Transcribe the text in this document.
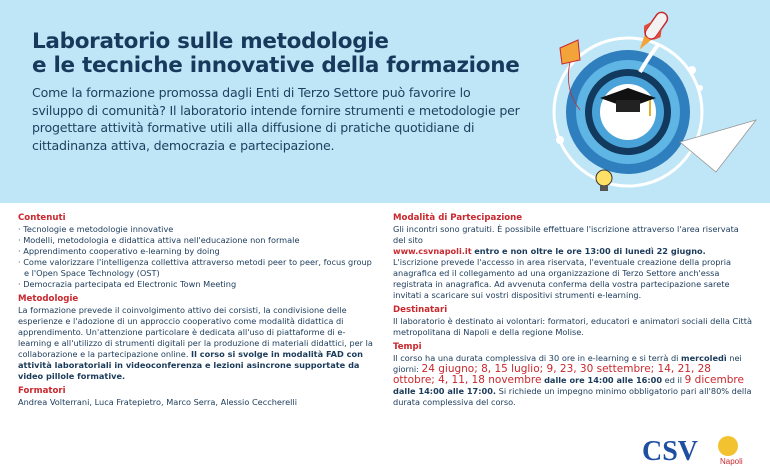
Laboratorio sulle metodologie
e le tecniche innovative della formazione

Come la formazione promossa dagli Enti di Terzo Settore può favorire lo sviluppo di comunità? Il laboratorio intende fornire strumenti e metodologie per progettare attività formative utili alla diffusione di pratiche quotidiane di cittadinanza attiva, democrazia e partecipazione.

Contenuti
· Tecnologie e metodologie innovative
· Modelli, metodologia e didattica attiva nell'educazione non formale
· Apprendimento cooperativo e-learning by doing
· Come valorizzare l'intelligenza collettiva attraverso metodi peer to peer, focus group e l'Open Space Technology (OST)
· Democrazia partecipata ed Electronic Town Meeting
Metodologie

La formazione prevede il coinvolgimento attivo dei corsisti, la condivisione delle esperienze e l'adozione di un approccio cooperativo come modalità didattica di apprendimento. Un'attenzione particolare è dedicata all'uso di piattaforme di e-learning e all'utilizzo di strumenti digitali per la produzione di materiali didattici, per la collaborazione e la partecipazione online. Il corso si svolge in modalità FAD con attività laboratoriali in videoconferenza e lezioni asincrone supportate da video pillole formative.

Formatori

Andrea Volterrani, Luca Fratepietro, Marco Serra, Alessio Ceccherelli

Modalità di Partecipazione

Gli incontri sono gratuiti. È possibile effettuare l'iscrizione attraverso l'area riservata del sito
www.csvnapoli.it entro e non oltre le ore 13:00 di lunedì 22 giugno.

L'iscrizione prevede l'accesso in area riservata, l'eventuale creazione della propria anagrafica ed il collegamento ad una organizzazione di Terzo Settore anch'essa registrata in anagrafica. Ad avvenuta conferma della vostra partecipazione sarete invitati a scaricare sui vostri dispositivi strumenti e-learning.

Destinatari

Il laboratorio è destinato ai volontari: formatori, educatori e animatori sociali della Città metropolitana di Napoli e della regione Molise.

Tempi

Il corso ha una durata complessiva di 30 ore in e-learning e si terrà di mercoledì nei giorni: 24 giugno; 8, 15 luglio; 9, 23, 30 settembre; 14, 21, 28 ottobre; 4, 11, 18 novembre dalle ore 14:00 alle 16:00 ed il 9 dicembre dalle 14:00 alle 17:00. Si richiede un impegno minimo obbligatorio pari all'80% della durata complessiva del corso.

CSV	Napoli
